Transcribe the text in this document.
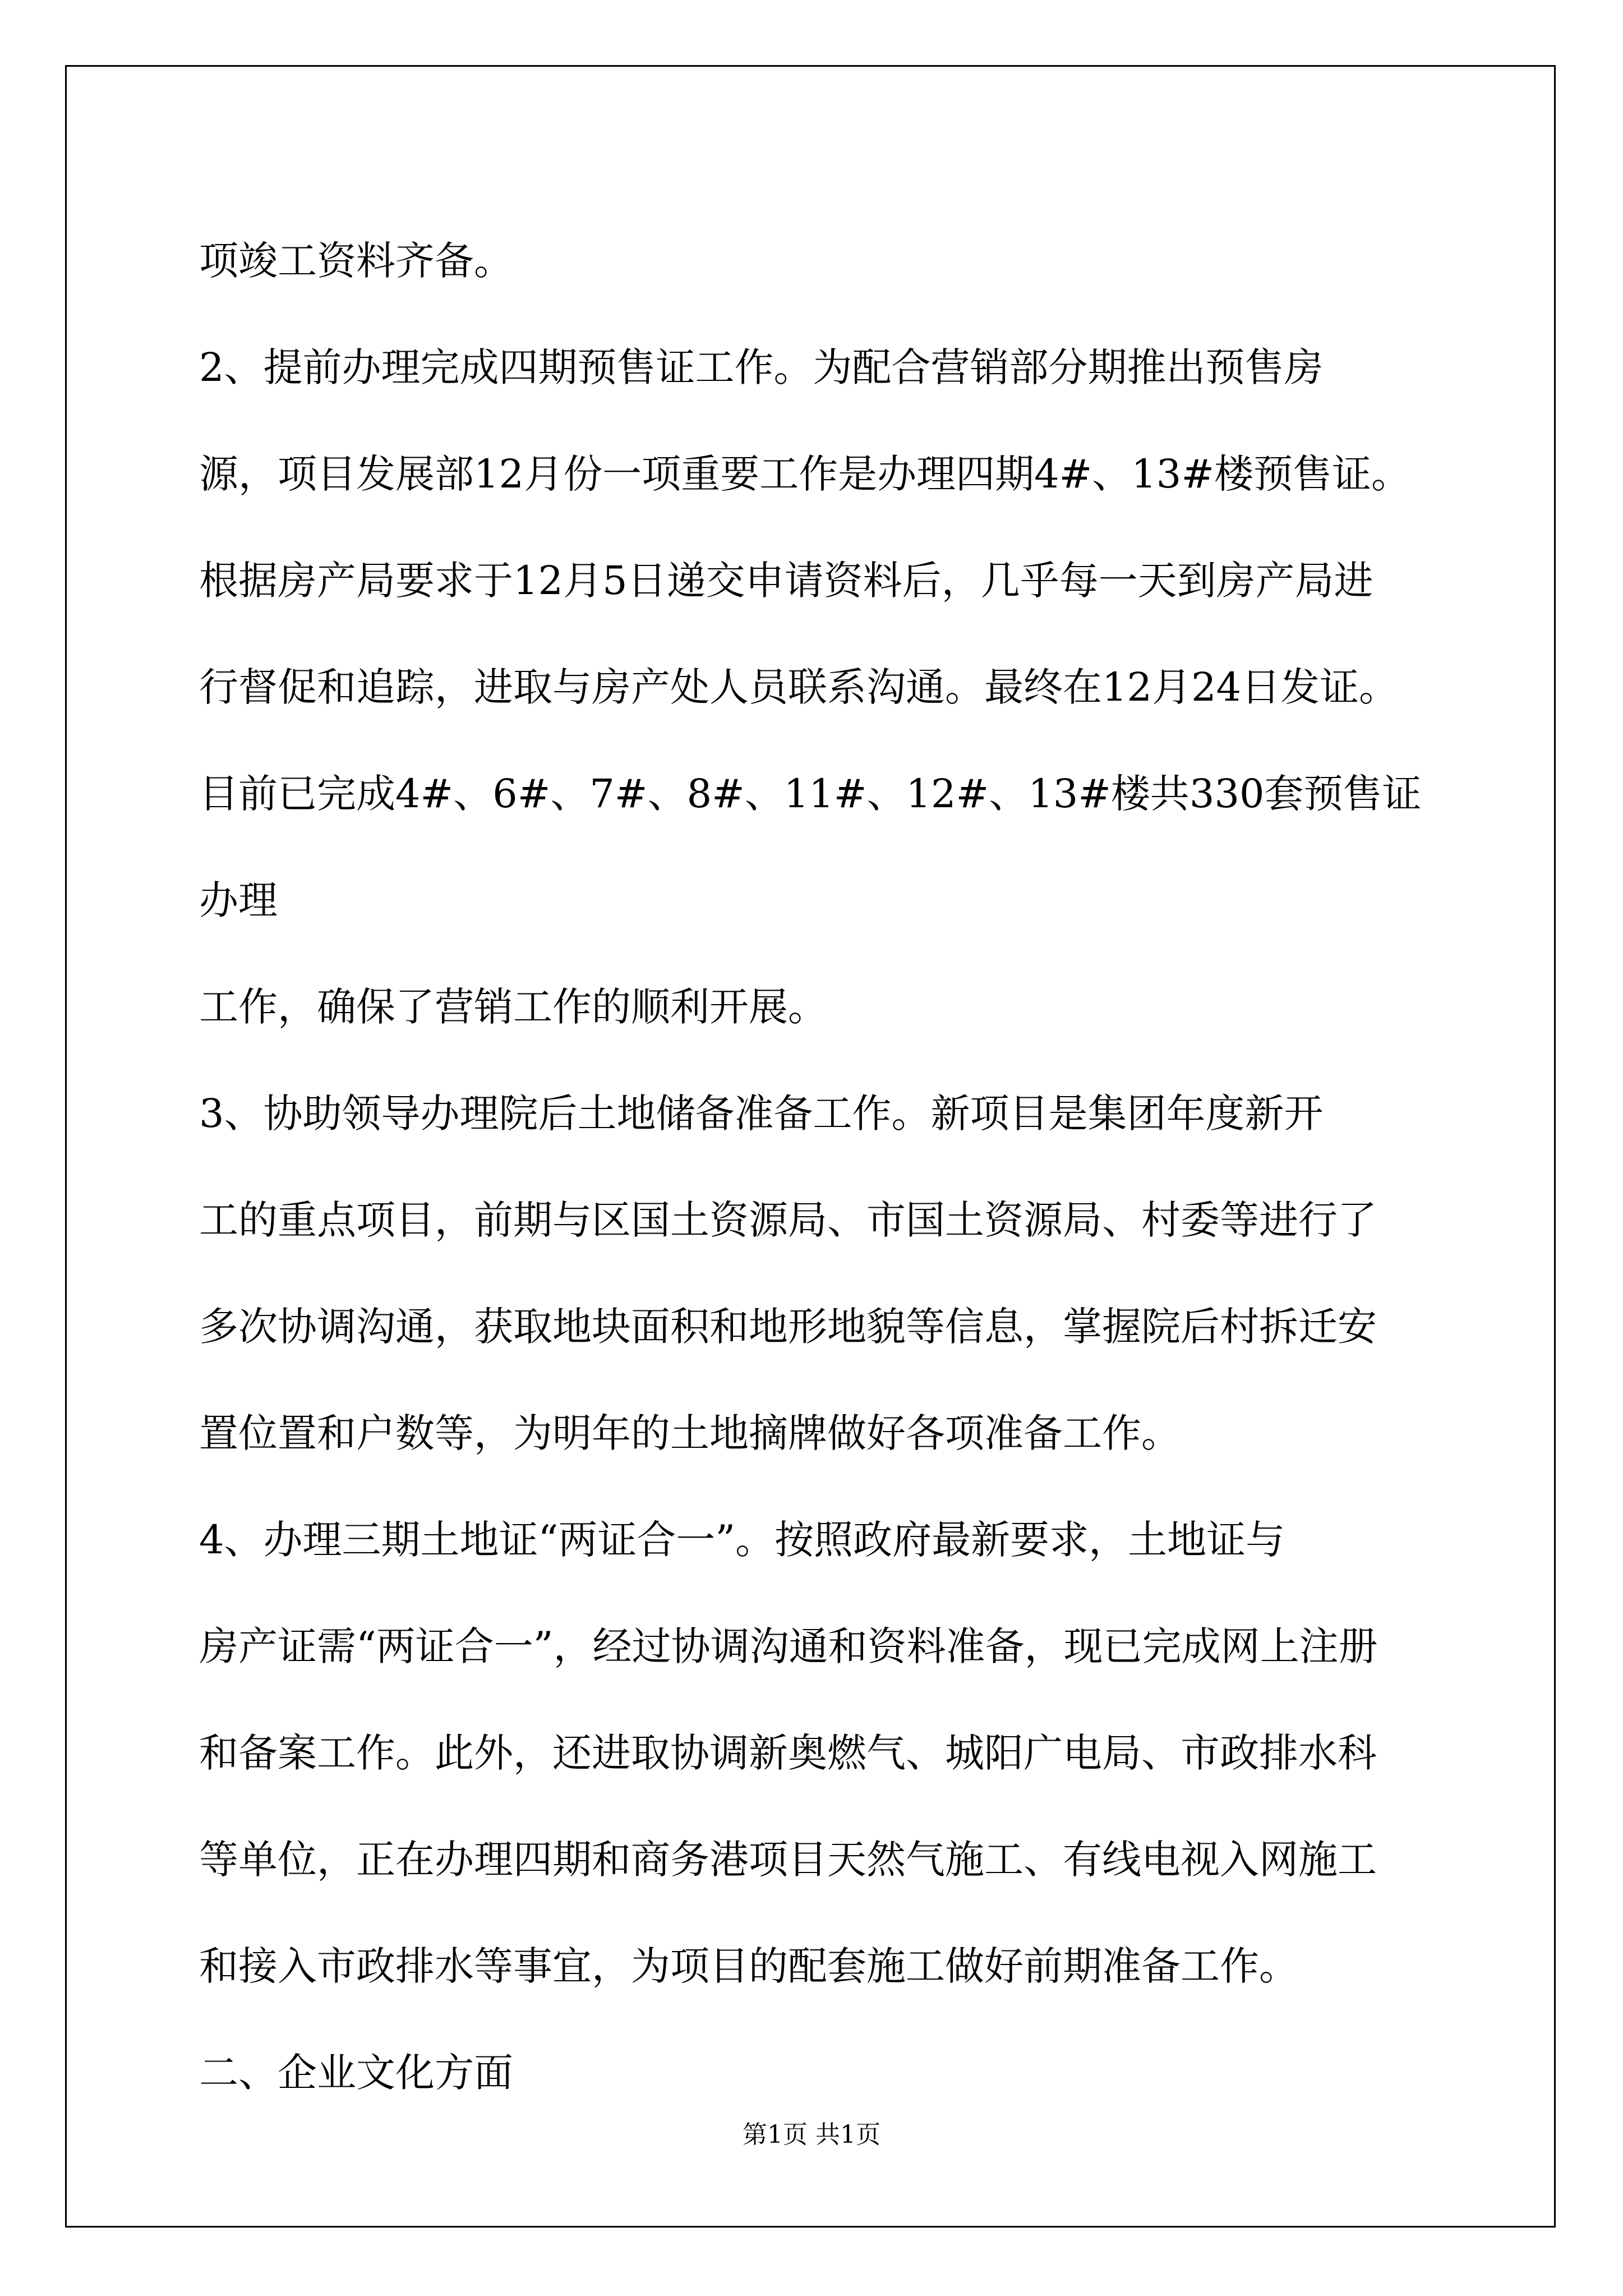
项竣工资料齐备。

2、提前办理完成四期预售证工作。为配合营销部分期推出预售房
源，项目发展部12月份一项重要工作是办理四期4#、13#楼预售证。
根据房产局要求于12月5日递交申请资料后，几乎每一天到房产局进
行督促和追踪，进取与房产处人员联系沟通。最终在12月24日发证。
目前已完成4#、6#、7#、8#、11#、12#、13#楼共330套预售证办理
工作，确保了营销工作的顺利开展。

3、协助领导办理院后土地储备准备工作。新项目是集团年度新开
工的重点项目，前期与区国土资源局、市国土资源局、村委等进行了
多次协调沟通，获取地块面积和地形地貌等信息，掌握院后村拆迁安
置位置和户数等，为明年的土地摘牌做好各项准备工作。

4、办理三期土地证“两证合一”。按照政府最新要求，土地证与
房产证需“两证合一”，经过协调沟通和资料准备，现已完成网上注册
和备案工作。此外，还进取协调新奥燃气、城阳广电局、市政排水科
等单位，正在办理四期和商务港项目天然气施工、有线电视入网施工
和接入市政排水等事宜，为项目的配套施工做好前期准备工作。

二、企业文化方面

第1页 共1页
